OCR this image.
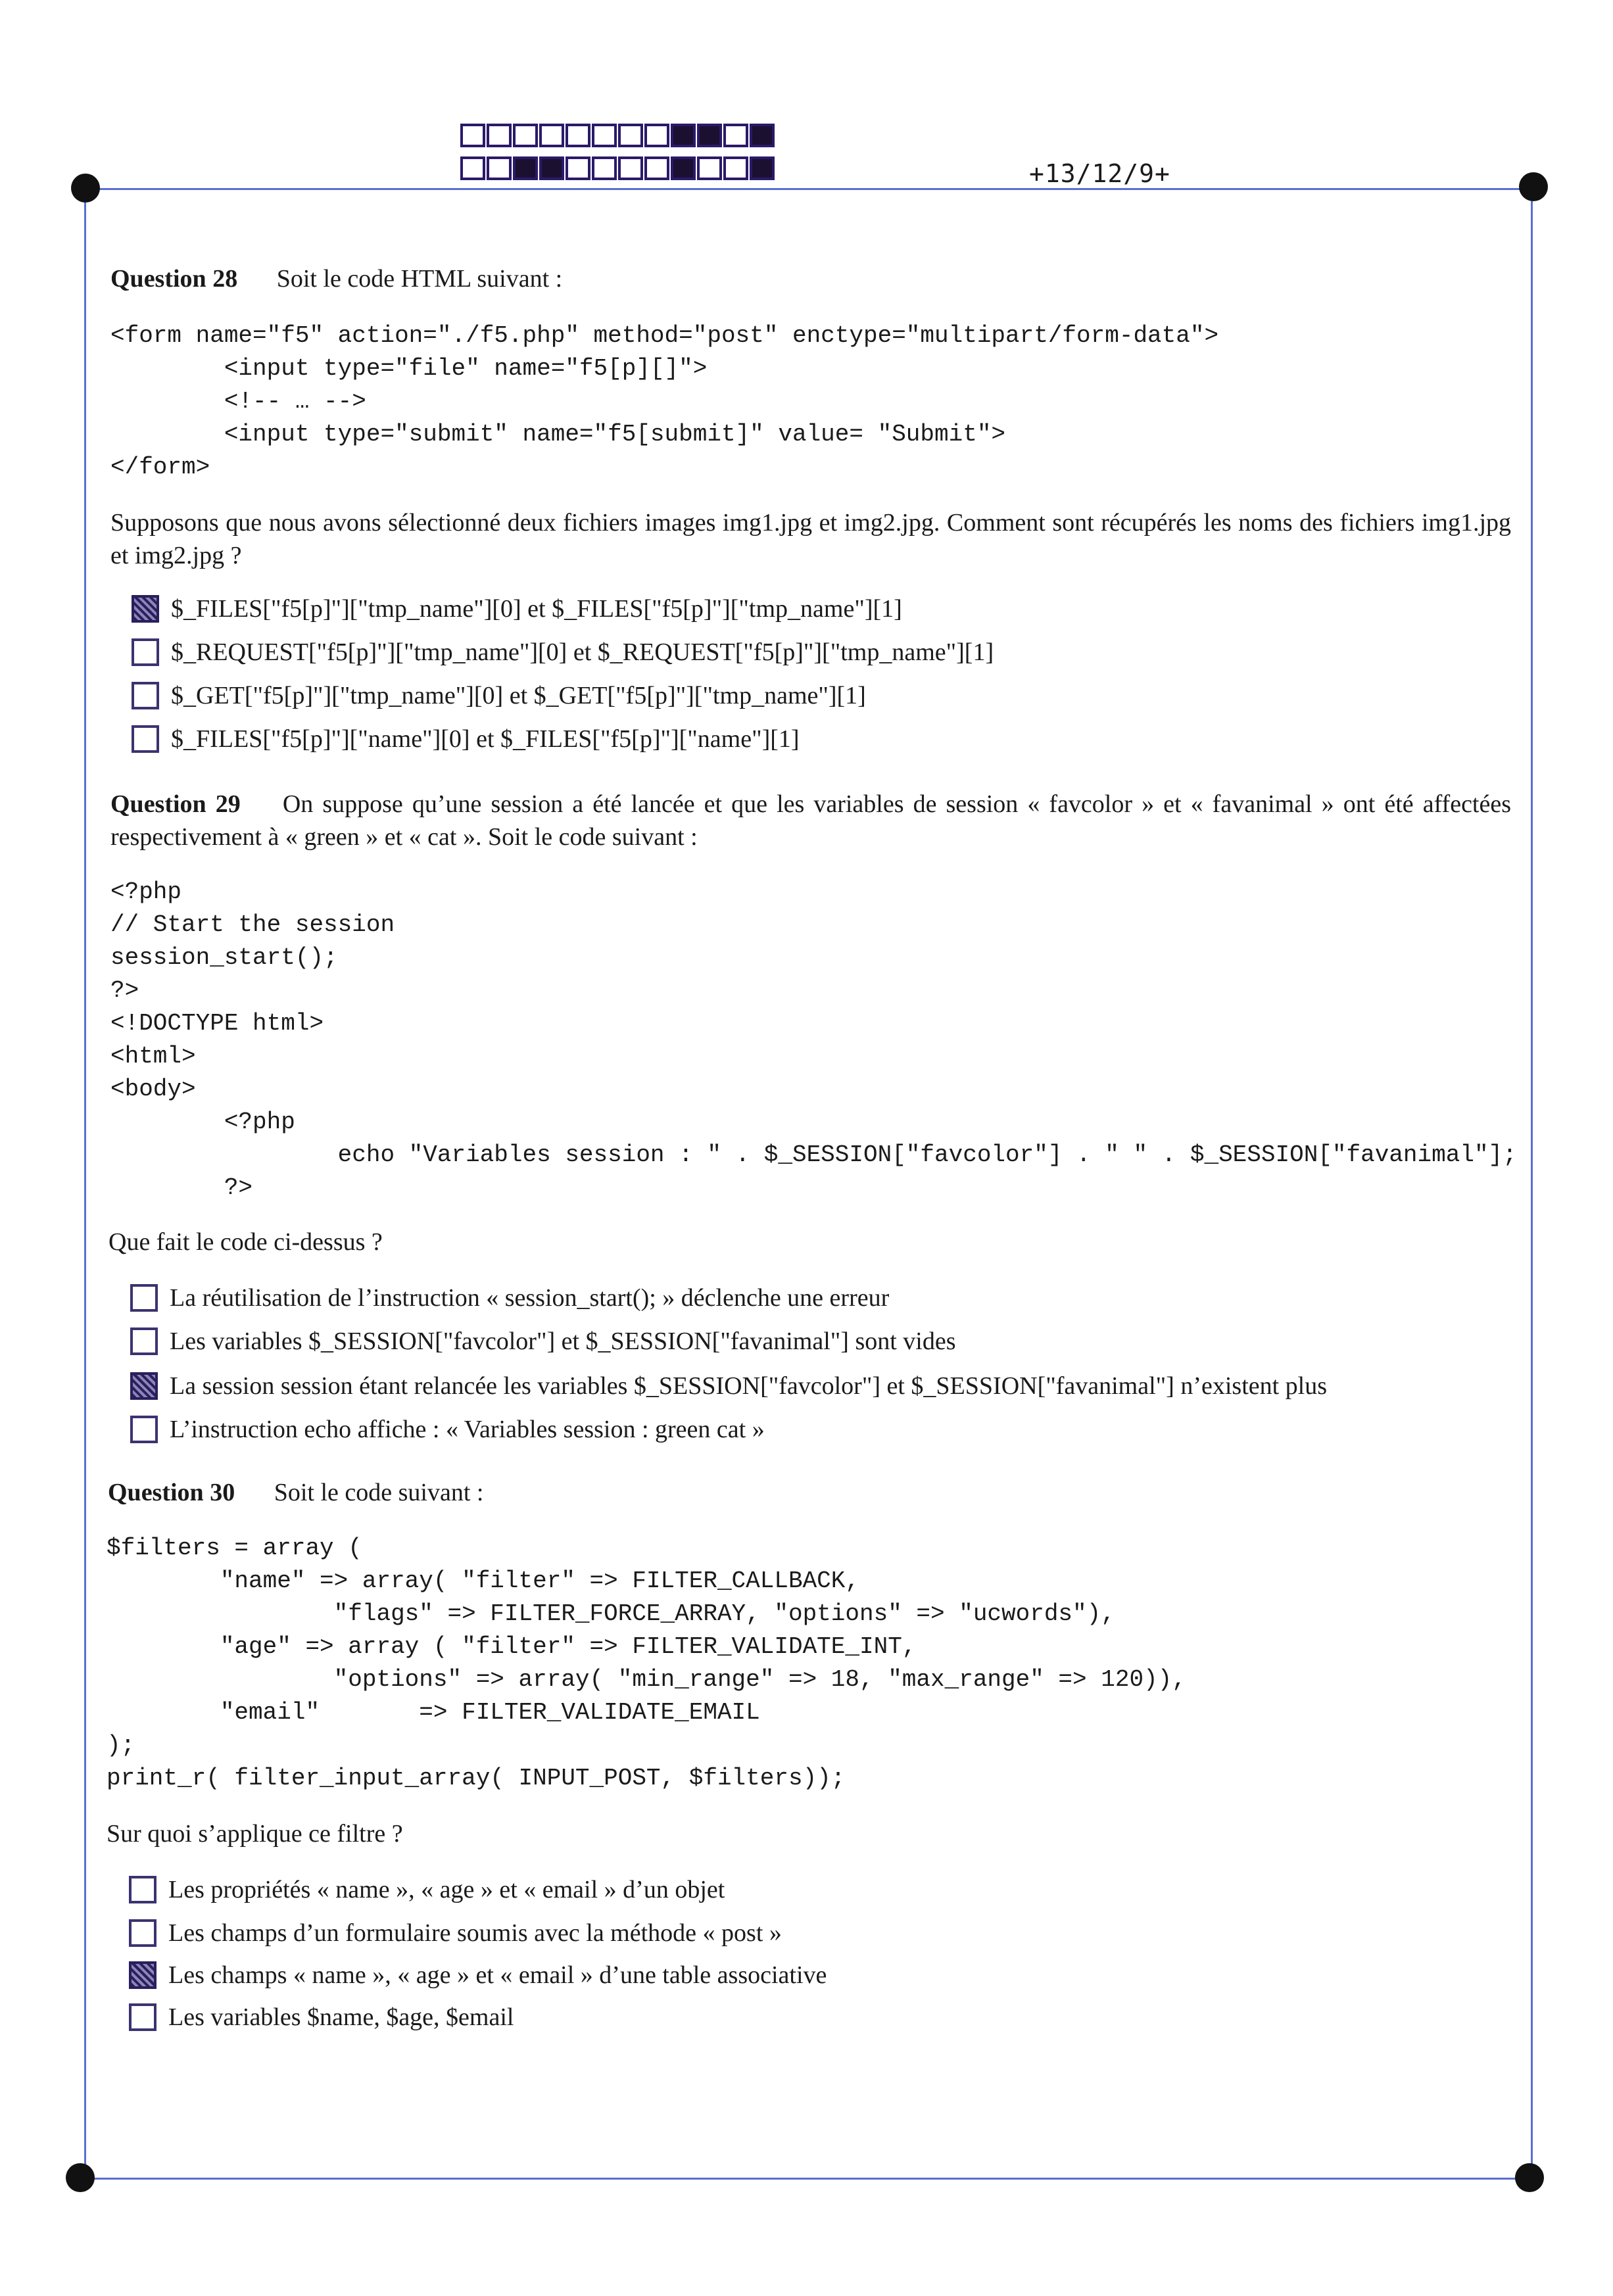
+13/12/9+
Question 28 Soit le code HTML suivant :
<form name="f5" action="./f5.php" method="post" enctype="multipart/form-data">
<input type="file" name="f5[p][]">
<!-- … -->
<input type="submit" name="f5[submit]" value= "Submit">
</form>
Supposons que nous avons sélectionné deux fichiers images img1.jpg et img2.jpg. Comment sont récupérés les noms des fichiers img1.jpg et img2.jpg ?
$_FILES["f5[p]"]["tmp_name"][0] et $_FILES["f5[p]"]["tmp_name"][1]
$_REQUEST["f5[p]"]["tmp_name"][0] et $_REQUEST["f5[p]"]["tmp_name"][1]
$_GET["f5[p]"]["tmp_name"][0] et $_GET["f5[p]"]["tmp_name"][1]
$_FILES["f5[p]"]["name"][0] et $_FILES["f5[p]"]["name"][1]
Question 29 On suppose qu’une session a été lancée et que les variables de session « favcolor » et « favanimal » ont été affectées respectivement à « green » et « cat ». Soit le code suivant :
<?php
// Start the session
session_start();
?>
<!DOCTYPE html>
<html>
<body>
<?php
echo "Variables session : " . $_SESSION["favcolor"] . " " . $_SESSION["favanimal"];
?>
Que fait le code ci-dessus ?
La réutilisation de l’instruction « session_start(); » déclenche une erreur
Les variables $_SESSION["favcolor"] et $_SESSION["favanimal"] sont vides
La session session étant relancée les variables $_SESSION["favcolor"] et $_SESSION["favanimal"] n’existent plus
L’instruction echo affiche : « Variables session : green cat »
Question 30 Soit le code suivant :
$filters = array (
"name" => array( "filter" => FILTER_CALLBACK,
"flags" => FILTER_FORCE_ARRAY, "options" => "ucwords"),
"age" => array ( "filter" => FILTER_VALIDATE_INT,
"options" => array( "min_range" => 18, "max_range" => 120)),
"email"       => FILTER_VALIDATE_EMAIL
);
print_r( filter_input_array( INPUT_POST, $filters));
Sur quoi s’applique ce filtre ?
Les propriétés « name », « age » et « email » d’un objet
Les champs d’un formulaire soumis avec la méthode « post »
Les champs « name », « age » et « email » d’une table associative
Les variables $name, $age, $email
